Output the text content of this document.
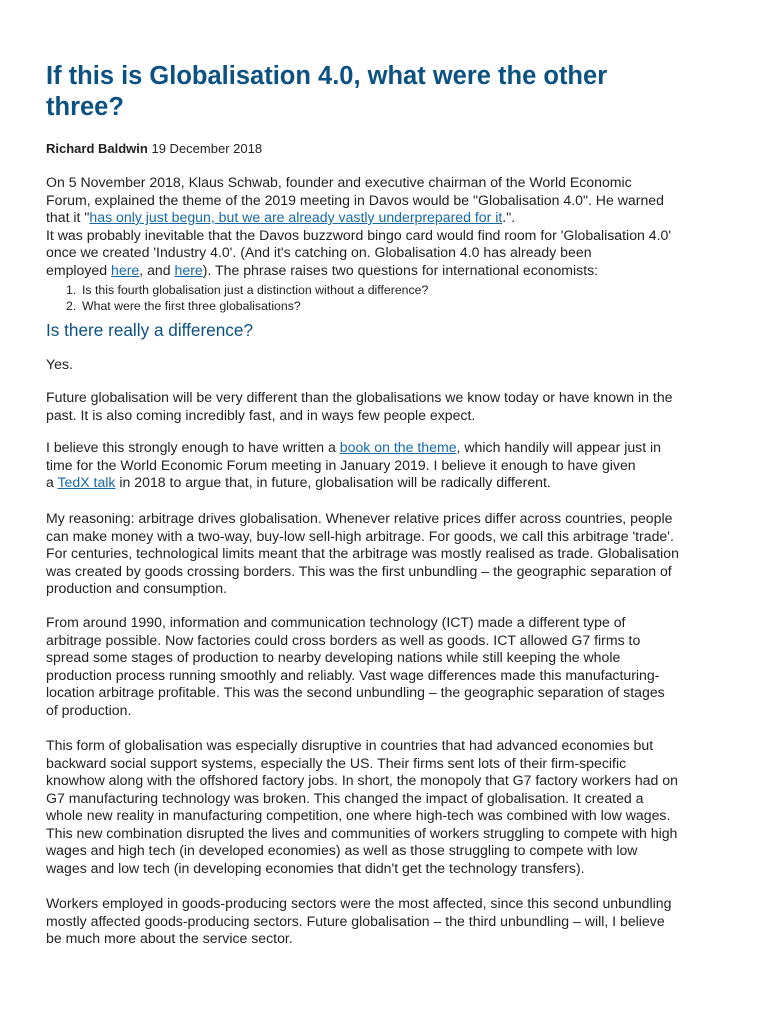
If this is Globalisation 4.0, what were the other
three?
Richard Baldwin 19 December 2018

On 5 November 2018, Klaus Schwab, founder and executive chairman of the World Economic
Forum, explained the theme of the 2019 meeting in Davos would be "Globalisation 4.0". He warned
that it "has only just begun, but we are already vastly underprepared for it.".
It was probably inevitable that the Davos buzzword bingo card would find room for 'Globalisation 4.0'
once we created 'Industry 4.0'. (And it's catching on. Globalisation 4.0 has already been
employed here, and here). The phrase raises two questions for international economists:

1. Is this fourth globalisation just a distinction without a difference?
2. What were the first three globalisations?
Is there really a difference?

Yes.

Future globalisation will be very different than the globalisations we know today or have known in the
past. It is also coming incredibly fast, and in ways few people expect.

I believe this strongly enough to have written a book on the theme, which handily will appear just in
time for the World Economic Forum meeting in January 2019. I believe it enough to have given
a TedX talk in 2018 to argue that, in future, globalisation will be radically different.

My reasoning: arbitrage drives globalisation. Whenever relative prices differ across countries, people
can make money with a two-way, buy-low sell-high arbitrage. For goods, we call this arbitrage 'trade'.
For centuries, technological limits meant that the arbitrage was mostly realised as trade. Globalisation
was created by goods crossing borders. This was the first unbundling – the geographic separation of
production and consumption.

From around 1990, information and communication technology (ICT) made a different type of
arbitrage possible. Now factories could cross borders as well as goods. ICT allowed G7 firms to
spread some stages of production to nearby developing nations while still keeping the whole
production process running smoothly and reliably. Vast wage differences made this manufacturing-
location arbitrage profitable. This was the second unbundling – the geographic separation of stages
of production.

This form of globalisation was especially disruptive in countries that had advanced economies but
backward social support systems, especially the US. Their firms sent lots of their firm-specific
knowhow along with the offshored factory jobs. In short, the monopoly that G7 factory workers had on
G7 manufacturing technology was broken. This changed the impact of globalisation. It created a
whole new reality in manufacturing competition, one where high-tech was combined with low wages.
This new combination disrupted the lives and communities of workers struggling to compete with high
wages and high tech (in developed economies) as well as those struggling to compete with low
wages and low tech (in developing economies that didn't get the technology transfers).

Workers employed in goods-producing sectors were the most affected, since this second unbundling
mostly affected goods-producing sectors. Future globalisation – the third unbundling – will, I believe
be much more about the service sector.
